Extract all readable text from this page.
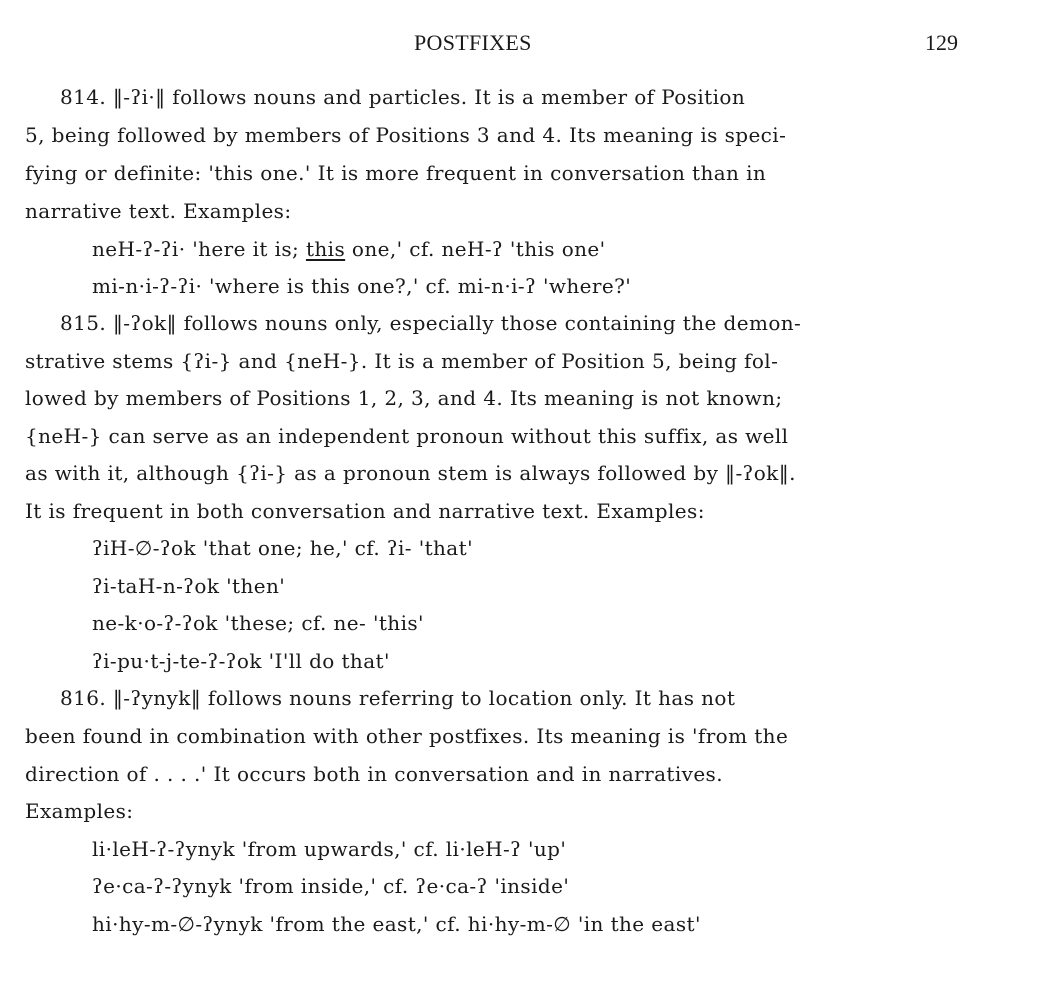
POSTFIXES	129
814. ‖-ʔi·‖ follows nouns and particles. It is a member of Position
5, being followed by members of Positions 3 and 4. Its meaning is speci-
fying or definite: 'this one.' It is more frequent in conversation than in
narrative text. Examples:
neH-ʔ-ʔi· 'here it is; this one,' cf. neH-ʔ 'this one'
mi-n·i-ʔ-ʔi· 'where is this one?,' cf. mi-n·i-ʔ 'where?'
815. ‖-ʔok‖ follows nouns only, especially those containing the demon-
strative stems {ʔi-} and {neH-}. It is a member of Position 5, being fol-
lowed by members of Positions 1, 2, 3, and 4. Its meaning is not known;
{neH-} can serve as an independent pronoun without this suffix, as well
as with it, although {ʔi-} as a pronoun stem is always followed by ‖-ʔok‖.
It is frequent in both conversation and narrative text. Examples:
ʔiH-∅-ʔok 'that one; he,' cf. ʔi- 'that'
ʔi-taH-n-ʔok 'then'
ne-k·o-ʔ-ʔok 'these; cf. ne- 'this'
ʔi-pu·t-j-te-ʔ-ʔok 'I'll do that'
816. ‖-ʔynyk‖ follows nouns referring to location only. It has not
been found in combination with other postfixes. Its meaning is 'from the
direction of . . . .' It occurs both in conversation and in narratives.
Examples:
li·leH-ʔ-ʔynyk 'from upwards,' cf. li·leH-ʔ 'up'
ʔe·ca-ʔ-ʔynyk 'from inside,' cf. ʔe·ca-ʔ 'inside'
hi·hy-m-∅-ʔynyk 'from the east,' cf. hi·hy-m-∅ 'in the east'
